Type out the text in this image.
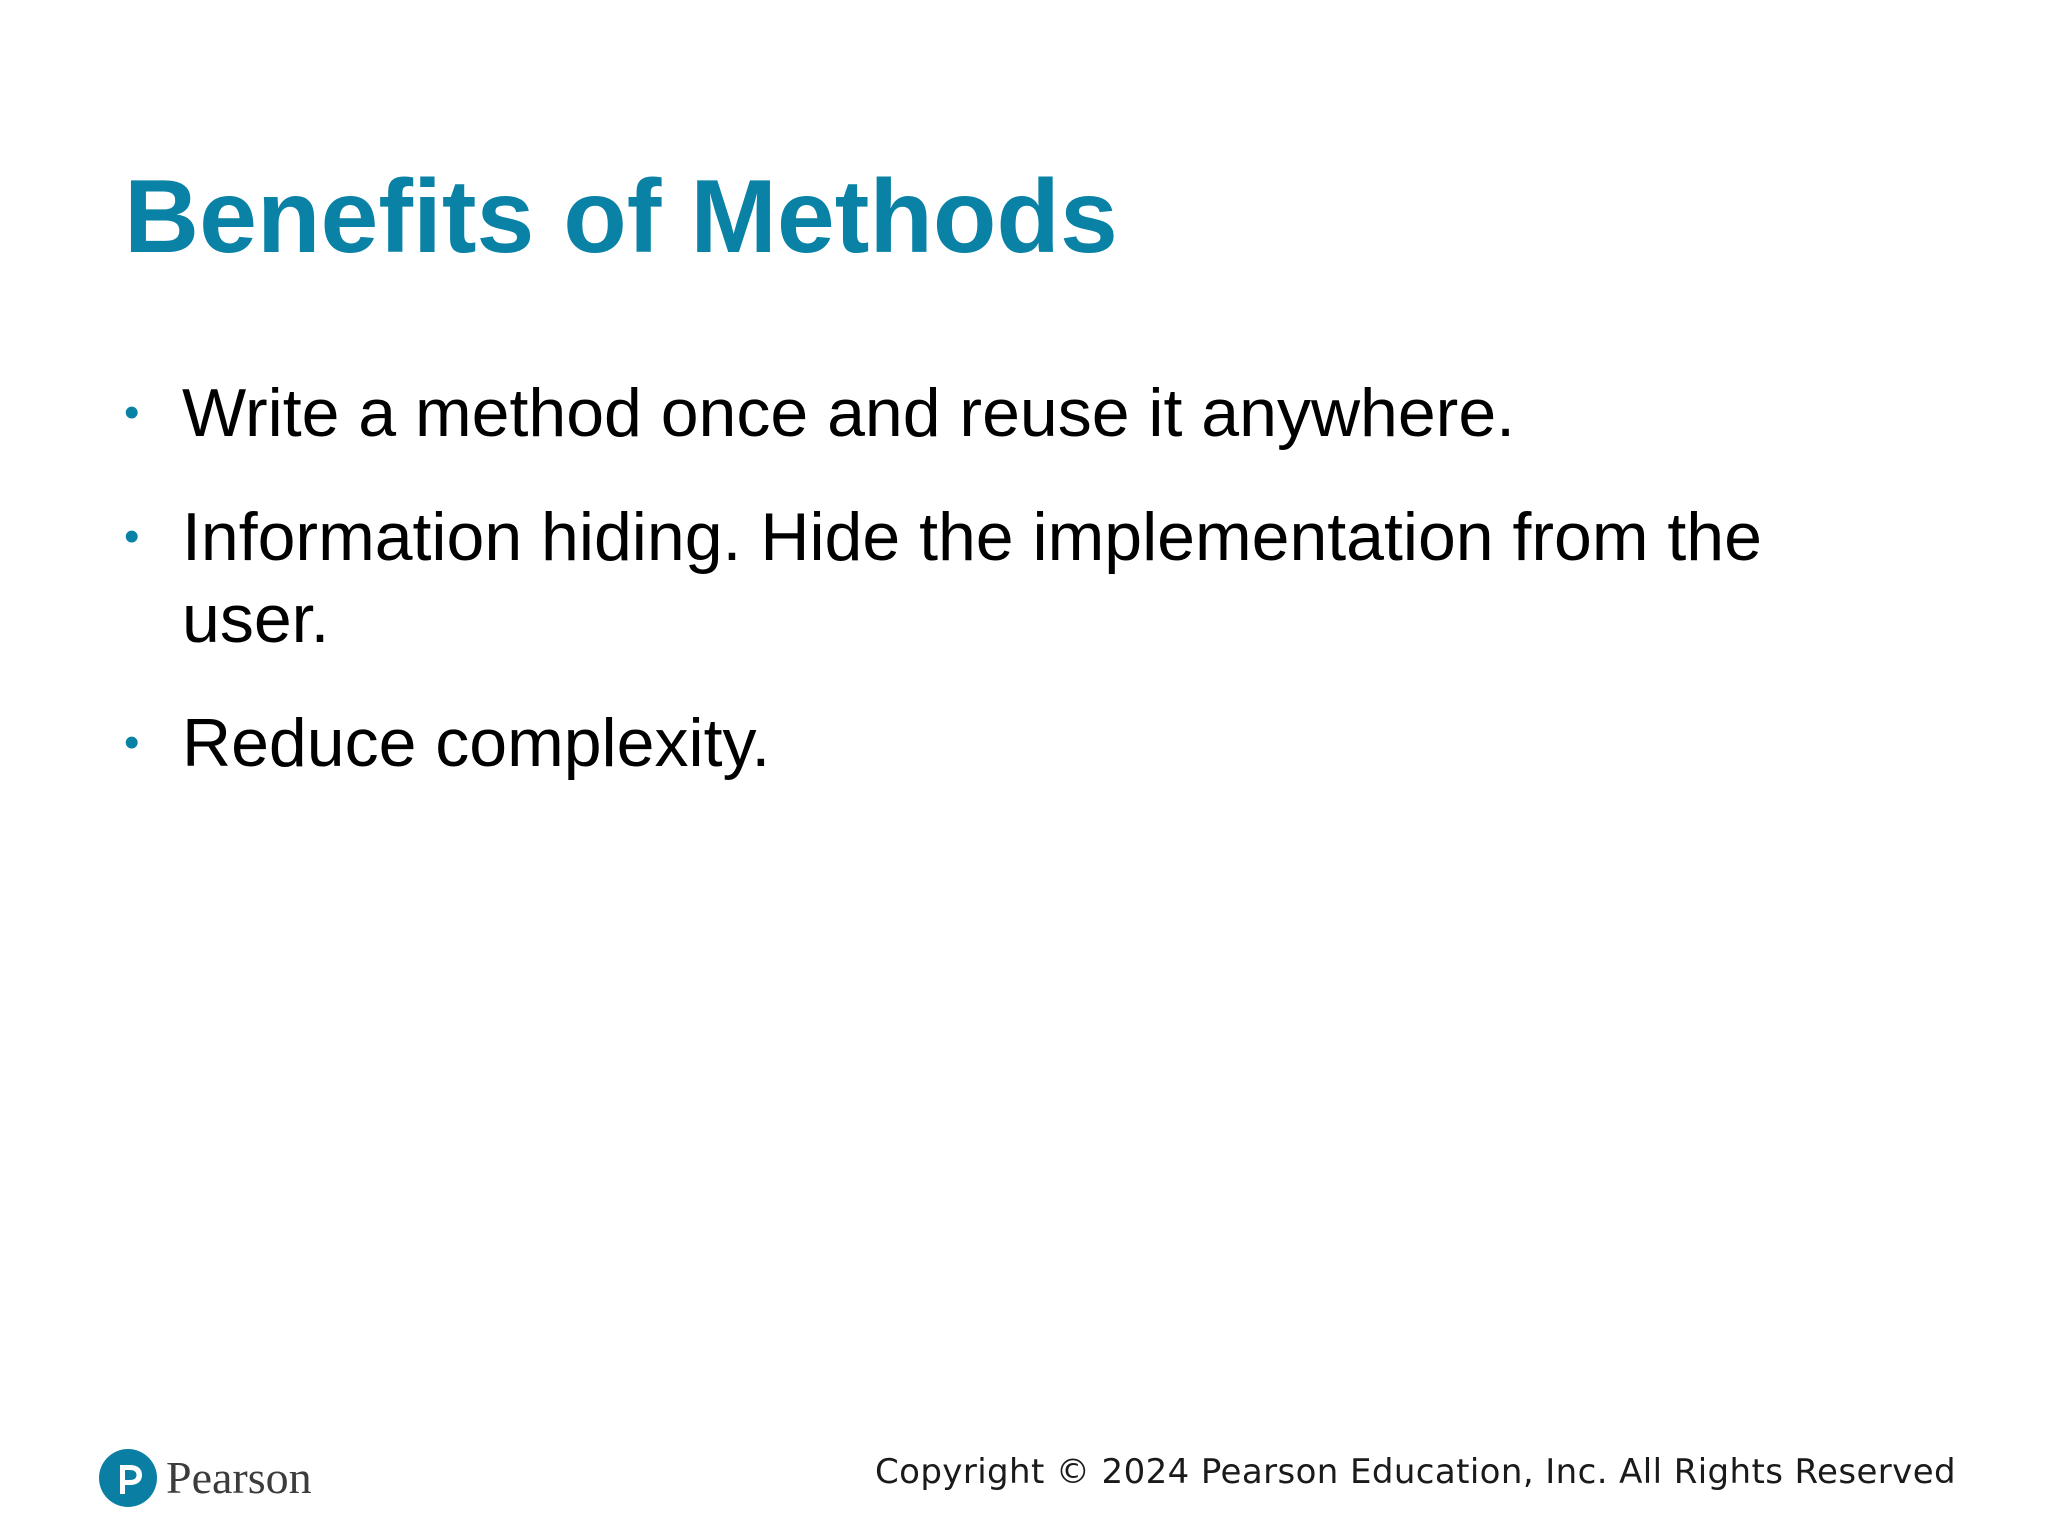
Benefits of Methods
• Write a method once and reuse it anywhere.
• Information hiding. Hide the implementation from the user.
• Reduce complexity.
Pearson	Copyright © 2024 Pearson Education, Inc. All Rights Reserved
